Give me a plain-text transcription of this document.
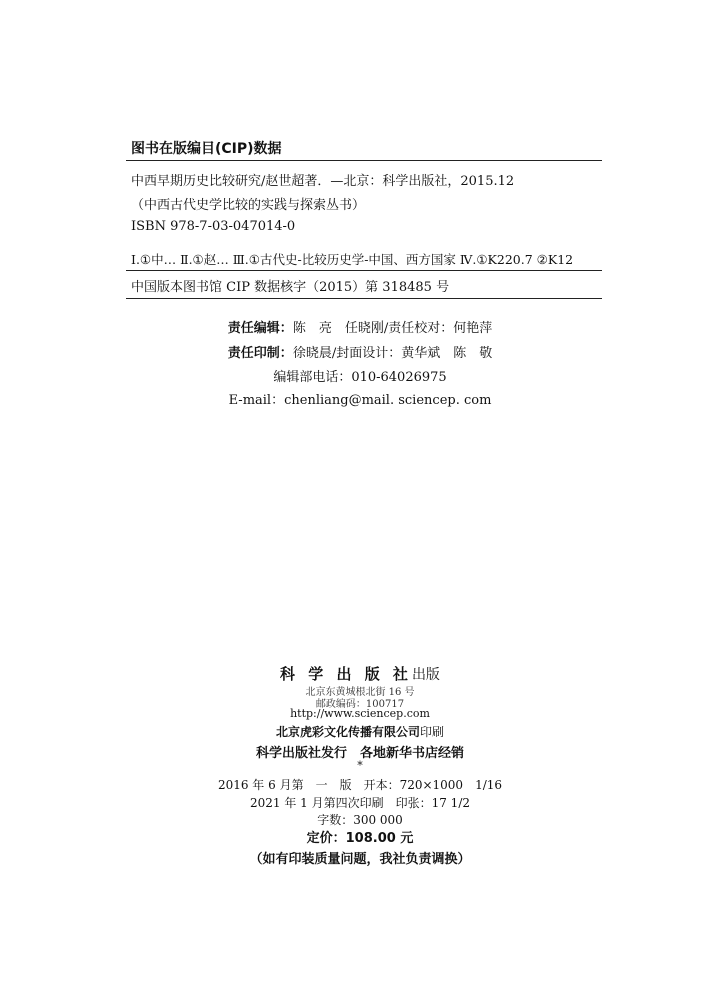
图书在版编目(CIP)数据
中西早期历史比较研究/赵世超著．—北京：科学出版社，2015.12
（中西古代史学比较的实践与探索丛书）
ISBN 978-7-03-047014-0
Ⅰ.①中… Ⅱ.①赵… Ⅲ.①古代史-比较历史学-中国、西方国家 Ⅳ.①K220.7 ②K12
中国版本图书馆 CIP 数据核字（2015）第 318485 号
责任编辑：陈　亮　任晓刚/责任校对：何艳萍
责任印制：徐晓晨/封面设计：黄华斌　陈　敬
编辑部电话：010-64026975
E-mail：chenliang@mail. sciencep. com
科 学 出 版 社出版
北京东黄城根北街 16 号
邮政编码：100717
http://www.sciencep.com
北京虎彩文化传播有限公司印刷
科学出版社发行　各地新华书店经销
*
2016 年 6 月第　一　版　开本：720×1000　1/16
2021 年 1 月第四次印刷　印张：17 1/2
字数：300 000
定价：108.00 元
（如有印装质量问题，我社负责调换）
